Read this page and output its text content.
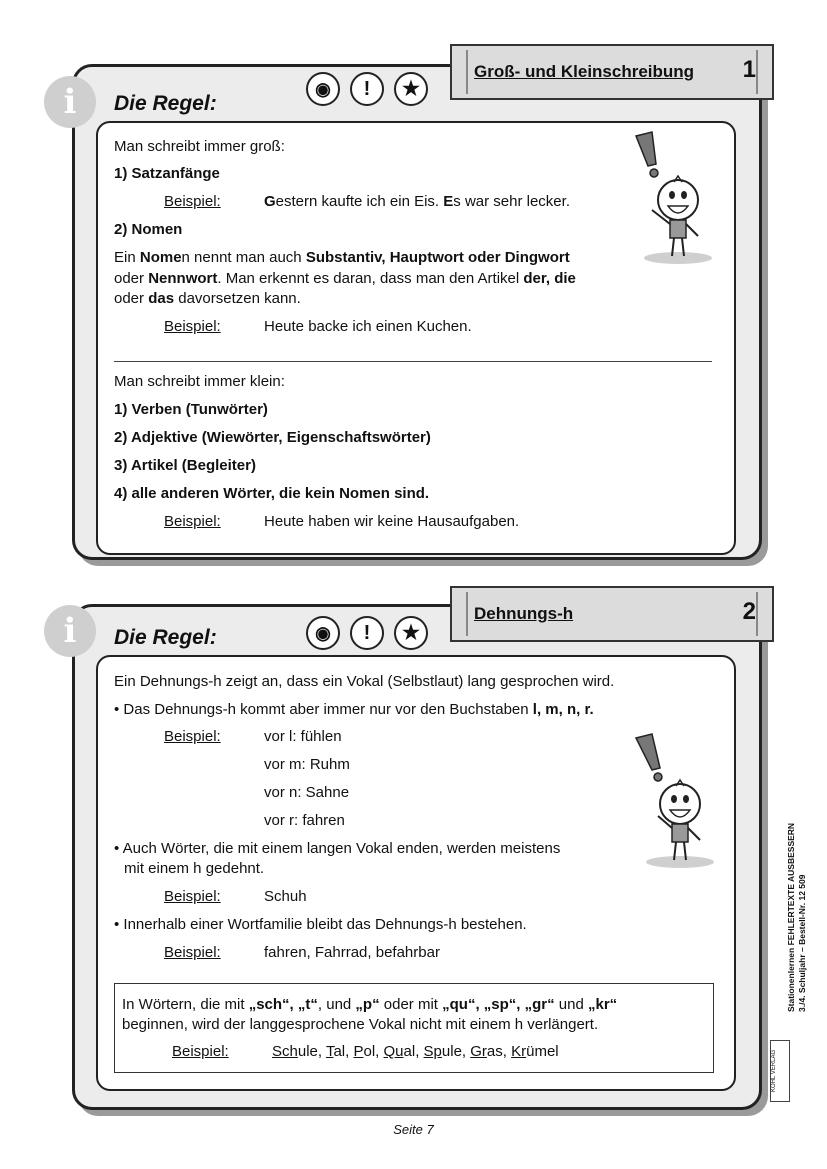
i	Die Regel:
◉	!	★
Groß- und Kleinschreibung 1
Man schreibt immer groß:
1) Satzanfänge
Beispiel:	Gestern kaufte ich ein Eis. Es war sehr lecker.
2) Nomen
Ein Nomen nennt man auch Substantiv, Hauptwort oder Dingwort
oder Nennwort. Man erkennt es daran, dass man den Artikel der, die
oder das davorsetzen kann.
Beispiel:	Heute backe ich einen Kuchen.
Man schreibt immer klein:
1) Verben (Tunwörter)
2) Adjektive (Wiewörter, Eigenschaftswörter)
3) Artikel (Begleiter)
4) alle anderen Wörter, die kein Nomen sind.
Beispiel:	Heute haben wir keine Hausaufgaben.
i	Die Regel:	◉	!	★
Dehnungs-h	2
Ein Dehnungs-h zeigt an, dass ein Vokal (Selbstlaut) lang gesprochen wird.
• Das Dehnungs-h kommt aber immer nur vor den Buchstaben l, m, n, r.
Beispiel:	vor l: fühlen
vor m: Ruhm
vor n: Sahne
vor r: fahren
• Auch Wörter, die mit einem langen Vokal enden, werden meistens
mit einem h gedehnt.
Beispiel:	Schuh
• Innerhalb einer Wortfamilie bleibt das Dehnungs-h bestehen.
Beispiel:	fahren, Fahrrad, befahrbar
In Wörtern, die mit „sch“, „t“, und „p“ oder mit „qu“, „sp“, „gr“ und „kr“
beginnen, wird der langgesprochene Vokal nicht mit einem h verlängert.
Beispiel:	Schule, Tal, Pol, Qual, Spule, Gras, Krümel
Stationenlernen FEHLERTEXTE AUSBESSERN 3./4. Schuljahr – Bestell-Nr. 12 509
KOHL VERLAG
Seite 7
